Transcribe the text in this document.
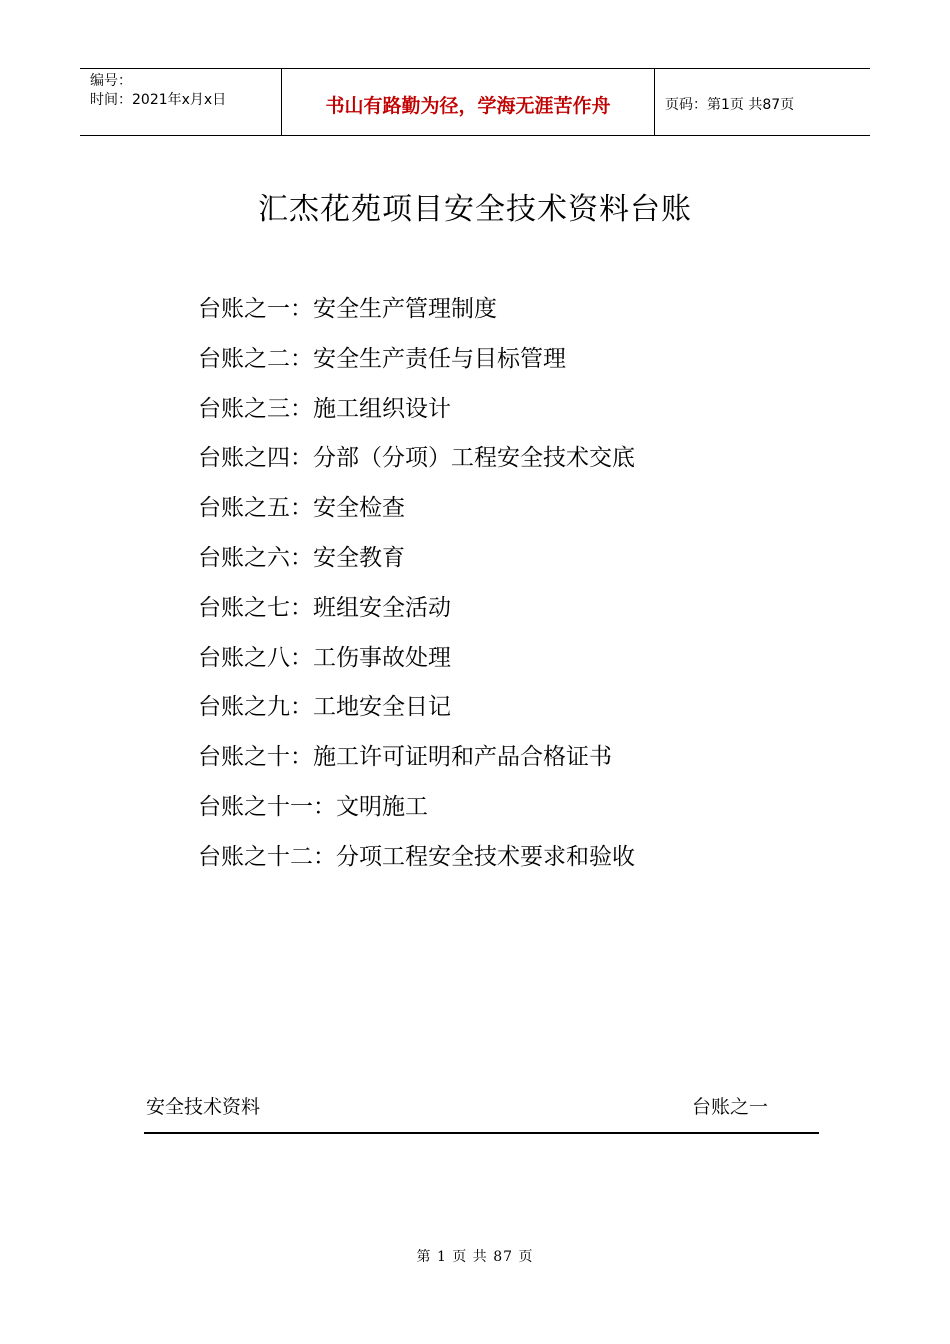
编号：
时间：2021年x月x日	书山有路勤为径，学海无涯苦作舟	页码：第1页 共87页
汇杰花苑项目安全技术资料台账
台账之一：安全生产管理制度
台账之二：安全生产责任与目标管理
台账之三：施工组织设计
台账之四：分部（分项）工程安全技术交底
台账之五：安全检查
台账之六：安全教育
台账之七：班组安全活动
台账之八：工伤事故处理
台账之九：工地安全日记
台账之十：施工许可证明和产品合格证书
台账之十一：文明施工
台账之十二：分项工程安全技术要求和验收
安全技术资料	台账之一
第 1 页 共 87 页
